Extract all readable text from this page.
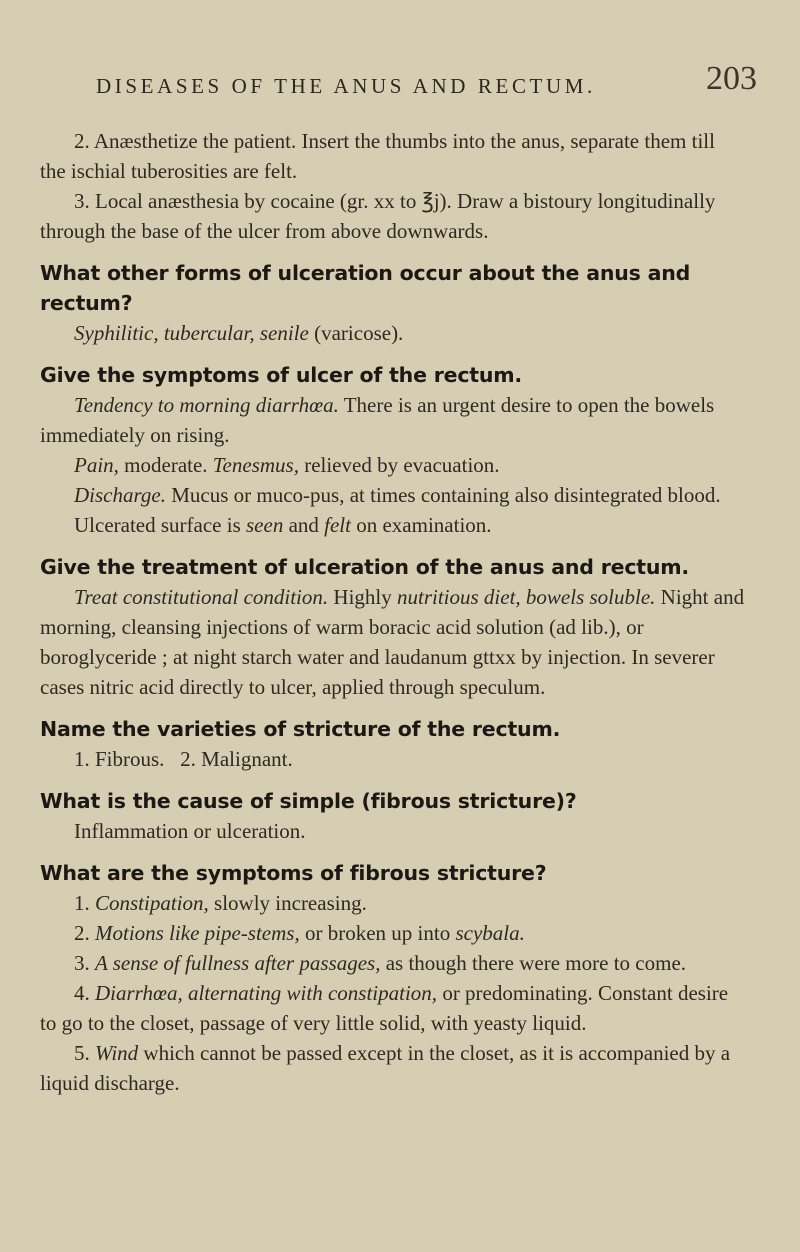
DISEASES OF THE ANUS AND RECTUM.	203

2. Anæsthetize the patient. Insert the thumbs into the anus, separate them till the ischial tuberosities are felt.

3. Local anæsthesia by cocaine (gr. xx to ℥j). Draw a bistoury longitudinally through the base of the ulcer from above downwards.

What other forms of ulceration occur about the anus and rectum?

Syphilitic, tubercular, senile (varicose).

Give the symptoms of ulcer of the rectum.

Tendency to morning diarrhœa. There is an urgent desire to open the bowels immediately on rising.

Pain, moderate. Tenesmus, relieved by evacuation.

Discharge. Mucus or muco-pus, at times containing also disintegrated blood.

Ulcerated surface is seen and felt on examination.

Give the treatment of ulceration of the anus and rectum.

Treat constitutional condition. Highly nutritious diet, bowels soluble. Night and morning, cleansing injections of warm boracic acid solution (ad lib.), or boroglyceride ; at night starch water and laudanum gttxx by injection. In severer cases nitric acid directly to ulcer, applied through speculum.

Name the varieties of stricture of the rectum.

1. Fibrous.   2. Malignant.

What is the cause of simple (fibrous stricture)?

Inflammation or ulceration.

What are the symptoms of fibrous stricture?

1. Constipation, slowly increasing.

2. Motions like pipe-stems, or broken up into scybala.

3. A sense of fullness after passages, as though there were more to come.

4. Diarrhœa, alternating with constipation, or predominating. Constant desire to go to the closet, passage of very little solid, with yeasty liquid.

5. Wind which cannot be passed except in the closet, as it is accompanied by a liquid discharge.
